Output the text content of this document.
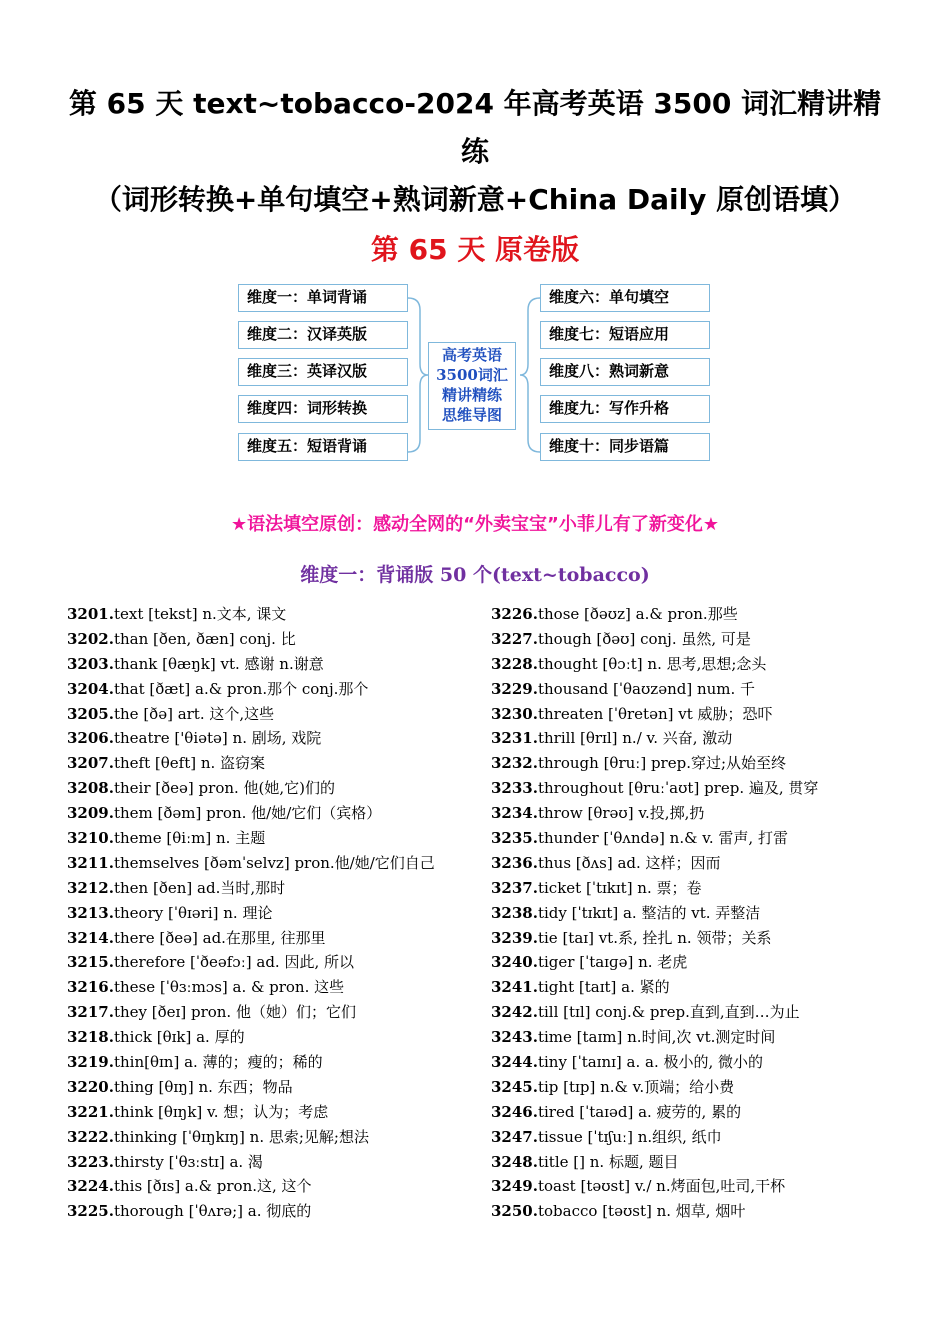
第 65 天 text~tobacco-2024 年高考英语 3500 词汇精讲精
练
（词形转换+单句填空+熟词新意+China Daily 原创语填）
第 65 天 原卷版
维度一：单词背诵
维度二：汉译英版
维度三：英译汉版
维度四：词形转换
维度五：短语背诵
高考英语
3500词汇
精讲精练
思维导图
维度六：单句填空
维度七：短语应用
维度八：熟词新意
维度九：写作升格
维度十：同步语篇
★语法填空原创：感动全网的“外卖宝宝”小菲儿有了新变化★
维度一：背诵版 50 个(text~tobacco)
3201.text [tekst] n.文本, 课文
3202.than [ðen, ðæn] conj. 比
3203.thank [θæŋk] vt. 感谢 n.谢意
3204.that [ðæt] a.& pron.那个 conj.那个
3205.the [ðə] art. 这个,这些
3206.theatre ['θiətə] n. 剧场, 戏院
3207.theft [θeft] n. 盗窃案
3208.their [ðeə] pron. 他(她,它)们的
3209.them [ðəm] pron. 他/她/它们（宾格）
3210.theme [θiːm] n. 主题
3211.themselves [ðəmˈselvz] pron.他/她/它们自己
3212.then [ðen] ad.当时,那时
3213.theory [ˈθɪəri] n. 理论
3214.there [ðeə] ad.在那里, 往那里
3215.therefore [ˈðeəfɔː] ad. 因此, 所以
3216.these [ˈθɜːmɔs] a. & pron. 这些
3217.they [ðeɪ] pron. 他（她）们；它们
3218.thick [θɪk] a. 厚的
3219.thin[θɪn] a. 薄的；瘦的；稀的
3220.thing [θɪŋ] n. 东西；物品
3221.think [θɪŋk] v. 想；认为；考虑
3222.thinking [ˈθɪŋkɪŋ] n. 思索;见解;想法
3223.thirsty [ˈθɜːstɪ] a. 渴
3224.this [ðɪs] a.& pron.这, 这个
3225.thorough [ˈθʌrə;] a. 彻底的
3226.those [ðəʊz] a.& pron.那些
3227.though [ðəʊ] conj. 虽然, 可是
3228.thought [θɔːt] n. 思考,思想;念头
3229.thousand [ˈθaʊzənd] num. 千
3230.threaten [ˈθretən] vt 威胁；恐吓
3231.thrill [θrɪl] n./ v. 兴奋, 激动
3232.through [θruː] prep.穿过;从始至终
3233.throughout [θruːˈaʊt] prep. 遍及, 贯穿
3234.throw [θrəʊ] v.投,掷,扔
3235.thunder [ˈθʌndə] n.& v. 雷声, 打雷
3236.thus [ðʌs] ad. 这样；因而
3237.ticket [ˈtɪkɪt] n. 票；卷
3238.tidy [ˈtɪkɪt] a. 整洁的 vt. 弄整洁
3239.tie [taɪ] vt.系, 拴扎 n. 领带；关系
3240.tiger [ˈtaɪɡə] n. 老虎
3241.tight [taɪt] a. 紧的
3242.till [tɪl] conj.& prep.直到,直到…为止
3243.time [taɪm] n.时间,次 vt.测定时间
3244.tiny [ˈtaɪnɪ] a. a. 极小的, 微小的
3245.tip [tɪp] n.& v.顶端；给小费
3246.tired [ˈtaɪəd] a. 疲劳的, 累的
3247.tissue [ˈtɪʃuː] n.组织, 纸巾
3248.title [] n. 标题, 题目
3249.toast [təʊst] v./ n.烤面包,吐司,干杯
3250.tobacco [təʊst] n. 烟草, 烟叶
